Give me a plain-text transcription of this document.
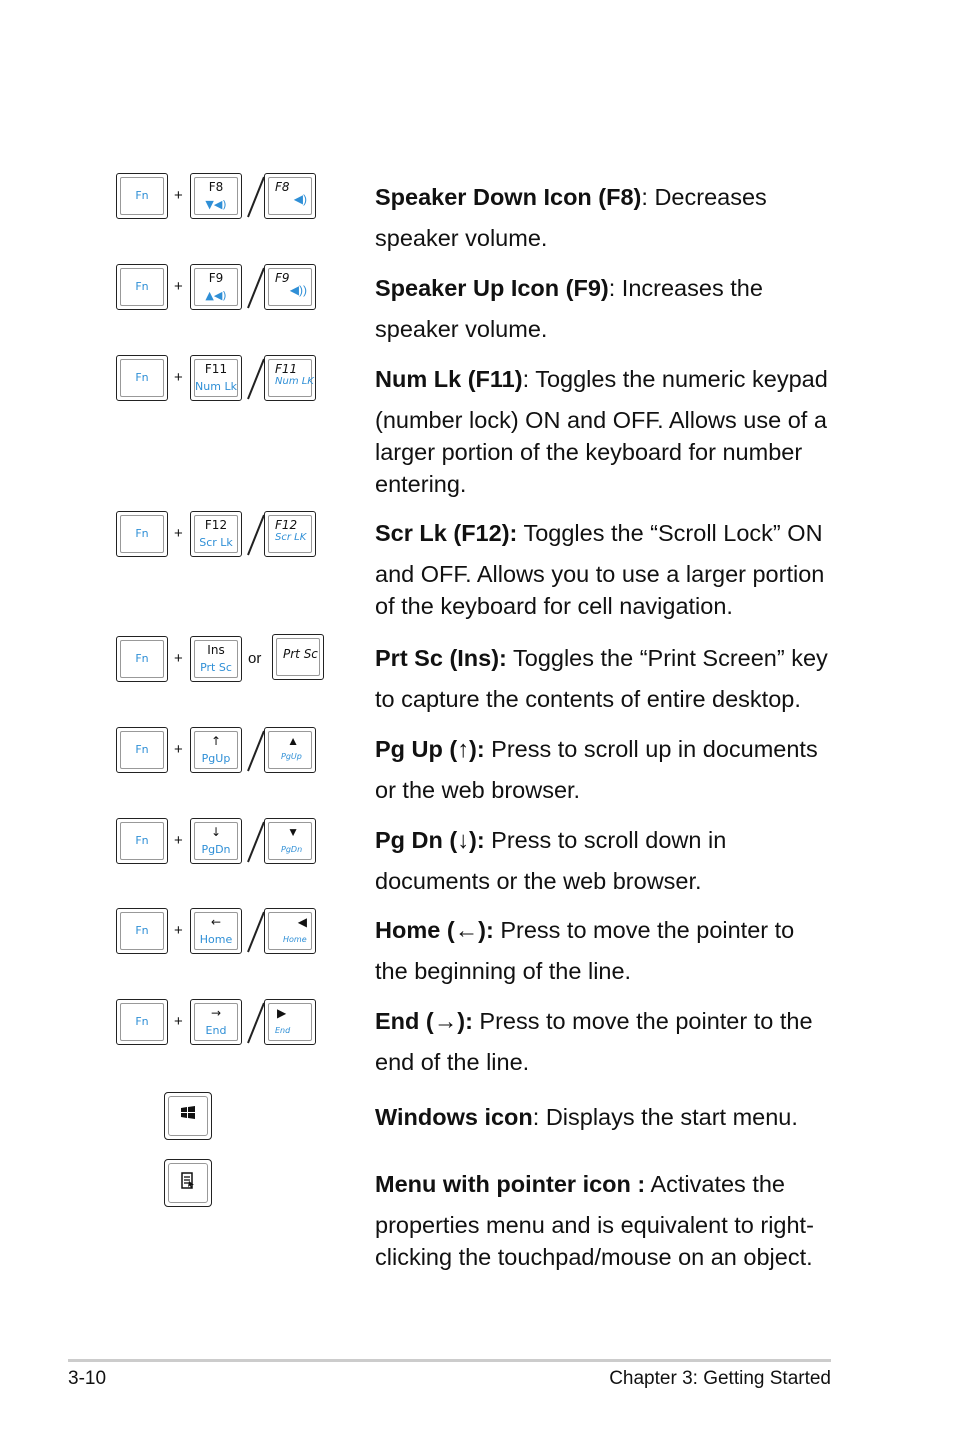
Fn	+	F8
▼◀)
F8
◀)	Speaker Down Icon (F8): Decreases

speaker volume.

Fn	+	F9
▲◀)
F9
◀))	Speaker Up Icon (F9): Increases the

speaker volume.

Fn	+	F11
Num Lk
F11
Num LK	Num Lk (F11): Toggles the numeric keypad

(number lock) ON and OFF. Allows use of a larger portion of the keyboard for number entering.

Fn	+	F12
Scr Lk
F12
Scr LK	Scr Lk (F12): Toggles the “Scroll Lock” ON

and OFF. Allows you to use a larger portion of the keyboard for cell navigation.

Fn	+	Ins
Prt Sc
or Prt Sc Prt Sc (Ins): Toggles the “Print Screen” key

to capture the contents of entire desktop.

Fn	+	↑
PgUp
▲
PgUp	Pg Up (↑): Press to scroll up in documents

or the web browser.

Fn	+	↓
PgDn
▼
PgDn	Pg Dn (↓): Press to scroll down in

documents or the web browser.

Fn	+	←
Home
◀
Home	Home (←): Press to move the pointer to

the beginning of the line.

Fn	+	→
End
▶
End	End (→): Press to move the pointer to the

end of the line.

Windows icon: Displays the start menu.

Menu with pointer icon : Activates the

properties menu and is equivalent to right-clicking the touchpad/mouse on an object.

3-10	Chapter 3: Getting Started
